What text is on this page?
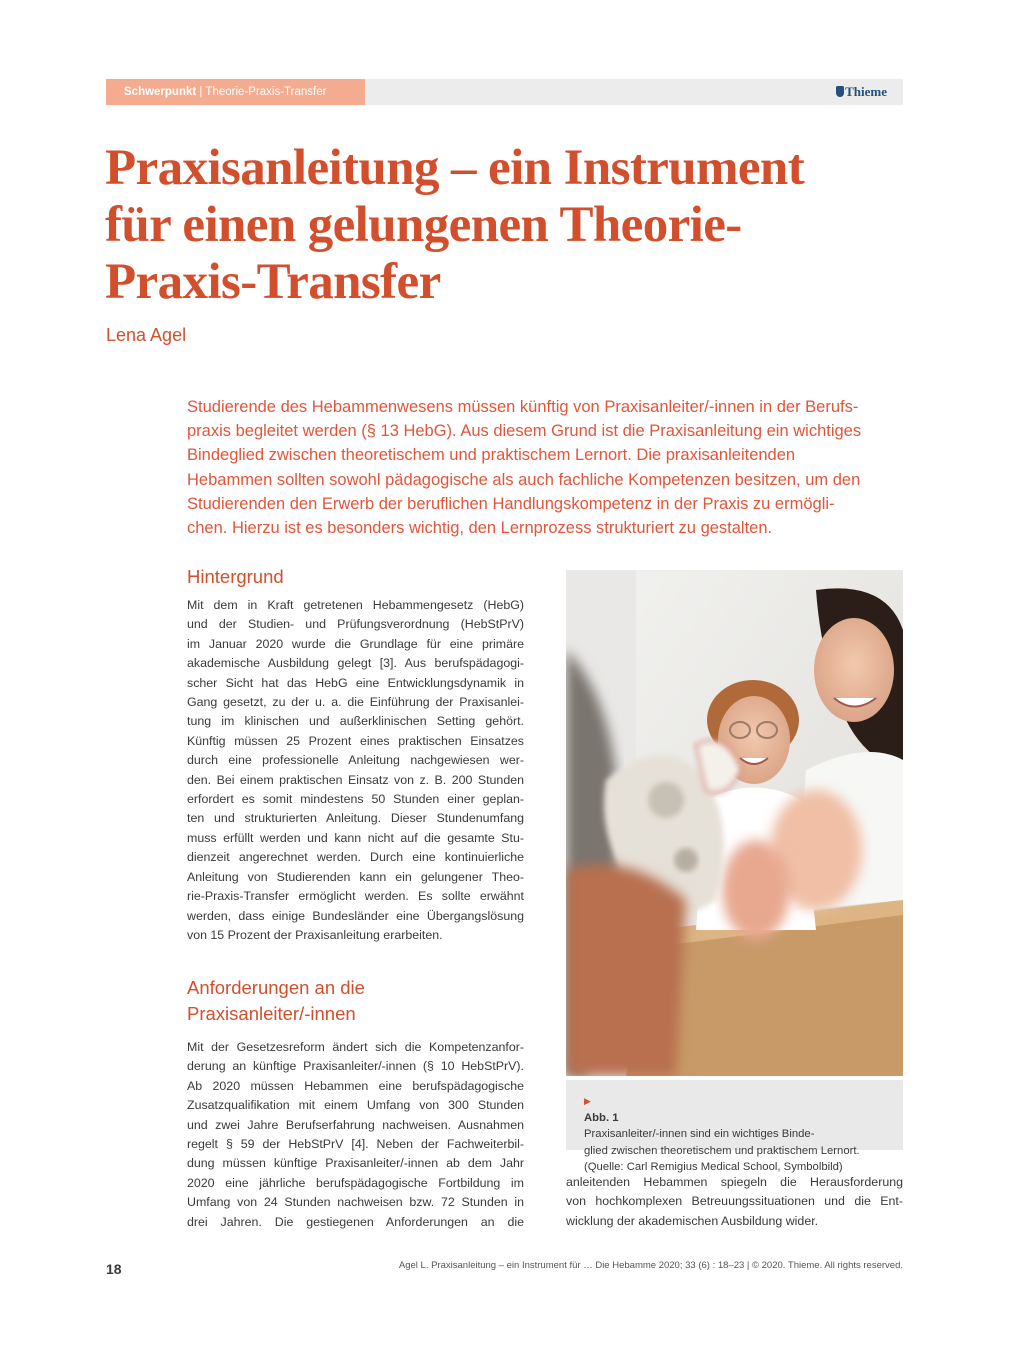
Schwerpunkt | Theorie-Praxis-Transfer	Thieme
Praxisanleitung – ein Instrument
für einen gelungenen Theorie-
Praxis-Transfer
Lena Agel
Studierende des Hebammenwesens müssen künftig von Praxisanleiter/-innen in der Berufs-
praxis begleitet werden (§ 13 HebG). Aus diesem Grund ist die Praxisanleitung ein wichtiges
Bindeglied zwischen theoretischem und praktischem Lernort. Die praxisanleitenden
Hebammen sollten sowohl pädagogische als auch fachliche Kompetenzen besitzen, um den
Studierenden den Erwerb der beruflichen Handlungskompetenz in der Praxis zu ermögli-
chen. Hierzu ist es besonders wichtig, den Lernprozess strukturiert zu gestalten.
Hintergrund
Mit dem in Kraft getretenen Hebammengesetz (HebG)
und der Studien- und Prüfungsverordnung (HebStPrV)
im Januar 2020 wurde die Grundlage für eine primäre
akademische Ausbildung gelegt [3]. Aus berufspädagogi-
scher Sicht hat das HebG eine Entwicklungsdynamik in
Gang gesetzt, zu der u. a. die Einführung der Praxisanlei-
tung im klinischen und außerklinischen Setting gehört.
Künftig müssen 25 Prozent eines praktischen Einsatzes
durch eine professionelle Anleitung nachgewiesen wer-
den. Bei einem praktischen Einsatz von z. B. 200 Stunden
erfordert es somit mindestens 50 Stunden einer geplan-
ten und strukturierten Anleitung. Dieser Stundenumfang
muss erfüllt werden und kann nicht auf die gesamte Stu-
dienzeit angerechnet werden. Durch eine kontinuierliche
Anleitung von Studierenden kann ein gelungener Theo-
rie-Praxis-Transfer ermöglicht werden. Es sollte erwähnt
werden, dass einige Bundesländer eine Übergangslösung
von 15 Prozent der Praxisanleitung erarbeiten.
Anforderungen an die
Praxisanleiter/-innen
Mit der Gesetzesreform ändert sich die Kompetenzanfor-
derung an künftige Praxisanleiter/-innen (§ 10 HebStPrV).
Ab 2020 müssen Hebammen eine berufspädagogische
Zusatzqualifikation mit einem Umfang von 300 Stunden
und zwei Jahre Berufserfahrung nachweisen. Ausnahmen
regelt § 59 der HebStPrV [4]. Neben der Fachweiterbil-
dung müssen künftige Praxisanleiter/-innen ab dem Jahr
2020 eine jährliche berufspädagogische Fortbildung im
Umfang von 24 Stunden nachweisen bzw. 72 Stunden in
drei Jahren. Die gestiegenen Anforderungen an die
▶
Abb. 1
Praxisanleiter/-innen sind ein wichtiges Binde-
glied zwischen theoretischem und praktischem Lernort.
(Quelle: Carl Remigius Medical School, Symbolbild)
anleitenden Hebammen spiegeln die Herausforderung
von hochkomplexen Betreuungssituationen und die Ent-
wicklung der akademischen Ausbildung wider.
18	Agel L. Praxisanleitung – ein Instrument für … Die Hebamme 2020; 33 (6) : 18–23 | © 2020. Thieme. All rights reserved.
